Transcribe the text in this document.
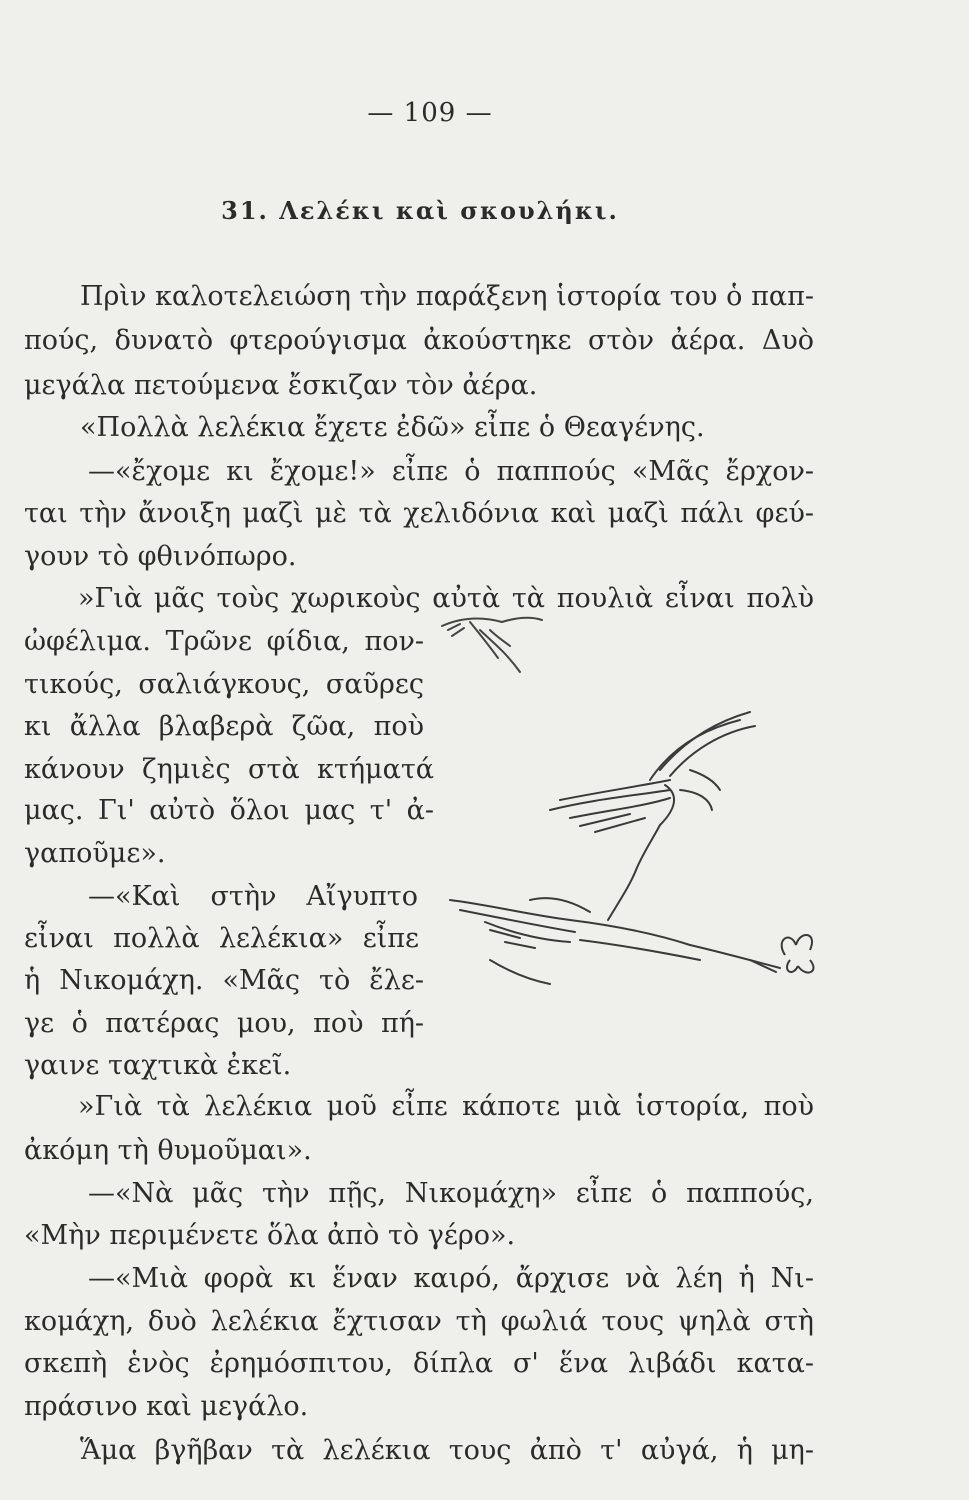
— 109 —
31. Λελέκι καὶ σκουλήκι.
Πρὶν καλοτελειώση τὴν παράξενη ἱστορία του ὁ παπ-
πούς, δυνατὸ φτερούγισμα ἀκούστηκε στὸν ἀέρα. Δυὸ
μεγάλα πετούμενα ἔσκιζαν τὸν ἀέρα.
«Πολλὰ λελέκια ἔχετε ἐδῶ» εἶπε ὁ Θεαγένης.
—«ἔχομε κι ἔχομε!» εἶπε ὁ παππούς «Μᾶς ἔρχον-
ται τὴν ἄνοιξη μαζὶ μὲ τὰ χελιδόνια καὶ μαζὶ πάλι φεύ-
γουν τὸ φθινόπωρο.
»Γιὰ μᾶς τοὺς χωρικοὺς αὐτὰ τὰ πουλιὰ εἶναι πολὺ
ὠφέλιμα. Τρῶνε φίδια, πον-
τικούς, σαλιάγκους, σαῦρες
κι ἄλλα βλαβερὰ ζῶα, ποὺ
κάνουν ζημιὲς στὰ κτήματά
μας. Γι' αὐτὸ ὅλοι μας τ' ἀ-
γαποῦμε».
—«Καὶ στὴν Αἴγυπτο
εἶναι πολλὰ λελέκια» εἶπε
ἡ Νικομάχη. «Μᾶς τὸ ἔλε-
γε ὁ πατέρας μου, ποὺ πή-
γαινε ταχτικὰ ἐκεῖ.
»Γιὰ τὰ λελέκια μοῦ εἶπε κάποτε μιὰ ἱστορία, ποὺ
ἀκόμη τὴ θυμοῦμαι».
—«Νὰ μᾶς τὴν πῇς, Νικομάχη» εἶπε ὁ παππούς,
«Μὴν περιμένετε ὅλα ἀπὸ τὸ γέρο».
—«Μιὰ φορὰ κι ἕναν καιρό, ἄρχισε νὰ λέη ἡ Νι-
κομάχη, δυὸ λελέκια ἔχτισαν τὴ φωλιά τους ψηλὰ στὴ
σκεπὴ ἑνὸς ἐρημόσπιτου, δίπλα σ' ἕνα λιβάδι κατα-
πράσινο καὶ μεγάλο.
Ἅμα βγῆβαν τὰ λελέκια τους ἀπὸ τ' αὐγά, ἡ μη-
